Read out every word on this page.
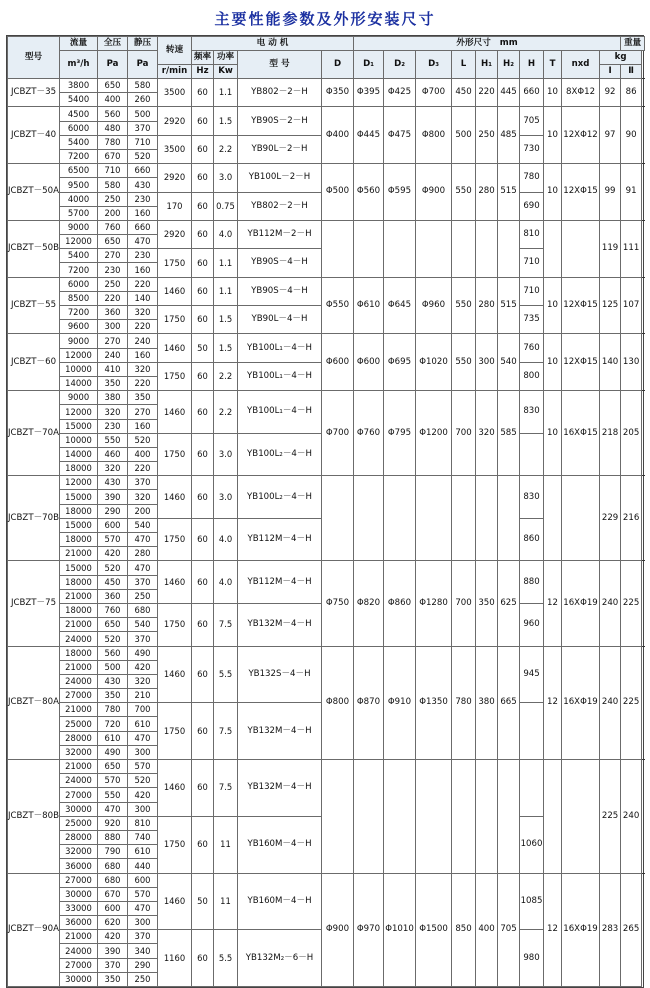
主要性能参数及外形安装尺寸
型号	流量	全压	静压	转速	电 动 机				外形尺寸 mm										重量
	m³/h	Pa	Pa		频率	功率	型 号	D	D₁	D₂	D₃	L	H₁	H₂	H	T	nxd	kg	
				r/min	Hz	Kw												Ⅰ	Ⅱ
JCBZT－35	3800	650	580	3500	60	1.1	YB802－2－H	Φ350	Φ395	Φ425	Φ700	450	220	445	660	10	8XΦ12	92	86
	5400	400	260																
JCBZT－40	4500	560	500	2920	60	1.5	YB90S－2－H	Φ400	Φ445	Φ475	Φ800	500	250	485	705	10	12XΦ12	97	90
	6000	480	370																
	5400	780	710	3500	60	2.2	YB90L－2－H								730				
	7200	670	520																
JCBZT－50A	6500	710	660	2920	60	3.0	YB100L－2－H	Φ500	Φ560	Φ595	Φ900	550	280	515	780	10	12XΦ15	99	91
	9500	580	430																
	4000	250	230	170	60	0.75	YB802－2－H								690				
	5700	200	160																
JCBZT－50B	9000	760	660	2920	60	4.0	YB112M－2－H								810			119	111
	12000	650	470																
	5400	270	230	1750	60	1.1	YB90S－4－H								710				
	7200	230	160																
JCBZT－55	6000	250	220	1460	60	1.1	YB90S－4－H	Φ550	Φ610	Φ645	Φ960	550	280	515	710	10	12XΦ15	125	107
	8500	220	140																
	7200	360	320	1750	60	1.5	YB90L－4－H								735				
	9600	300	220																
JCBZT－60	9000	270	240	1460	50	1.5	YB100L₁－4－H	Φ600	Φ600	Φ695	Φ1020	550	300	540	760	10	12XΦ15	140	130
	12000	240	160																
	10000	410	320	1750	60	2.2	YB100L₁－4－H								800				
	14000	350	220																
JCBZT－70A	9000	380	350	1460	60	2.2	YB100L₁－4－H	Φ700	Φ760	Φ795	Φ1200	700	320	585	830	10	16XΦ15	218	205
	12000	320	270																
	15000	230	160																
	10000	550	520	1750	60	3.0	YB100L₂－4－H												
	14000	460	400																
	18000	320	220																
JCBZT－70B	12000	430	370	1460	60	3.0	YB100L₂－4－H								830			229	216
	15000	390	320																
	18000	290	200																
	15000	600	540	1750	60	4.0	YB112M－4－H								860				
	18000	570	470																
	21000	420	280																
JCBZT－75	15000	520	470	1460	60	4.0	YB112M－4－H	Φ750	Φ820	Φ860	Φ1280	700	350	625	880	12	16XΦ19	240	225
	18000	450	370																
	21000	360	250																
	18000	760	680	1750	60	7.5	YB132M－4－H								960				
	21000	650	540																
	24000	520	370																
JCBZT－80A	18000	560	490	1460	60	5.5	YB132S－4－H	Φ800	Φ870	Φ910	Φ1350	780	380	665	945	12	16XΦ19	240	225
	21000	500	420																
	24000	430	320																
	27000	350	210																
	21000	780	700	1750	60	7.5	YB132M－4－H												
	25000	720	610																
	28000	610	470																
	32000	490	300																
JCBZT－80B	21000	650	570	1460	60	7.5	YB132M－4－H											225	240
	24000	570	520																
	27000	550	420																
	30000	470	300																
	25000	920	810	1750	60	11	YB160M－4－H								1060				
	28000	880	740																
	32000	790	610																
	36000	680	440																
JCBZT－90A	27000	680	600	1460	50	11	YB160M－4－H	Φ900	Φ970	Φ1010	Φ1500	850	400	705	1085	12	16XΦ19	283	265
	30000	670	570																
	33000	600	470																
	36000	620	300																
	21000	420	370	1160	60	5.5	YB132M₂－6－H								980				
	24000	390	340																
	27000	370	290																
	30000	350	250																
